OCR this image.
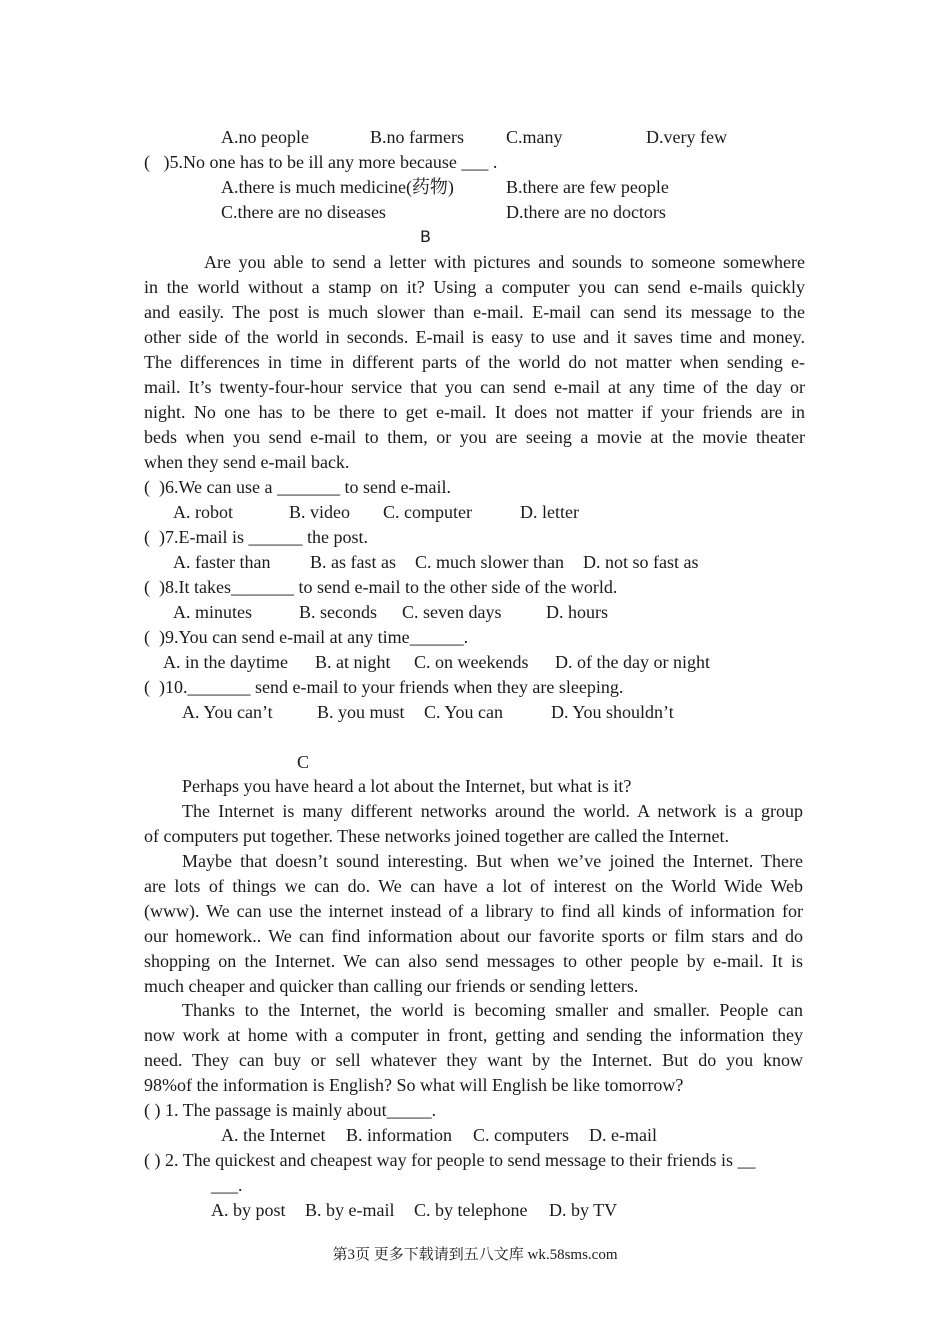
A.no people	B.no farmers C.many	D.very few
(   )5.No one has to be ill any more because ___ .
A.there is much medicine(药物)	B.there are few people
C.there are no diseases	D.there are no doctors
B
Are you able to send a letter with pictures and sounds to someone somewhere
in the world without a stamp on it? Using a computer you can send e-mails quickly
and easily. The post is much slower than e-mail. E-mail can send its message to the
other side of the world in seconds. E-mail is easy to use and it saves time and money.
The differences in time in different parts of the world do not matter when sending e-
mail. It’s twenty-four-hour service that you can send e-mail at any time of the day or
night. No one has to be there to get e-mail. It does not matter if your friends are in
beds when you send e-mail to them, or you are seeing a movie at the movie theater
when they send e-mail back.
(  )6.We can use a _______ to send e-mail.
A. robot	B. video C. computer	D. letter
(  )7.E-mail is ______ the post.
A. faster than B. as fast as C. much slower than D. not so fast as
(  )8.It takes_______ to send e-mail to the other side of the world.
A. minutes	B. seconds C. seven days D. hours
(  )9.You can send e-mail at any time______.
A. in the daytime B. at night C. on weekends D. of the day or night
(  )10._______ send e-mail to your friends when they are sleeping.
A. You can’t B. you must C. You can	D. You shouldn’t
C
Perhaps you have heard a lot about the Internet, but what is it?
The Internet is many different networks around the world. A network is a group
of computers put together. These networks joined together are called the Internet.
Maybe that doesn’t sound interesting. But when we’ve joined the Internet. There
are lots of things we can do. We can have a lot of interest on the World Wide Web
(www). We can use the internet instead of a library to find all kinds of information for
our homework.. We can find information about our favorite sports or film stars and do
shopping on the Internet. We can also send messages to other people by e-mail. It is
much cheaper and quicker than calling our friends or sending letters.
Thanks to the Internet, the world is becoming smaller and smaller. People can
now work at home with a computer in front, getting and sending the information they
need. They can buy or sell whatever they want by the Internet. But do you know
98%of the information is English? So what will English be like tomorrow?
( ) 1. The passage is mainly about_____.
A. the Internet B. information C. computers D. e-mail
( ) 2. The quickest and cheapest way for people to send message to their friends is __
___.
A. by post B. by e-mail C. by telephone D. by TV
第3页 更多下载请到五八文库 wk.58sms.com
